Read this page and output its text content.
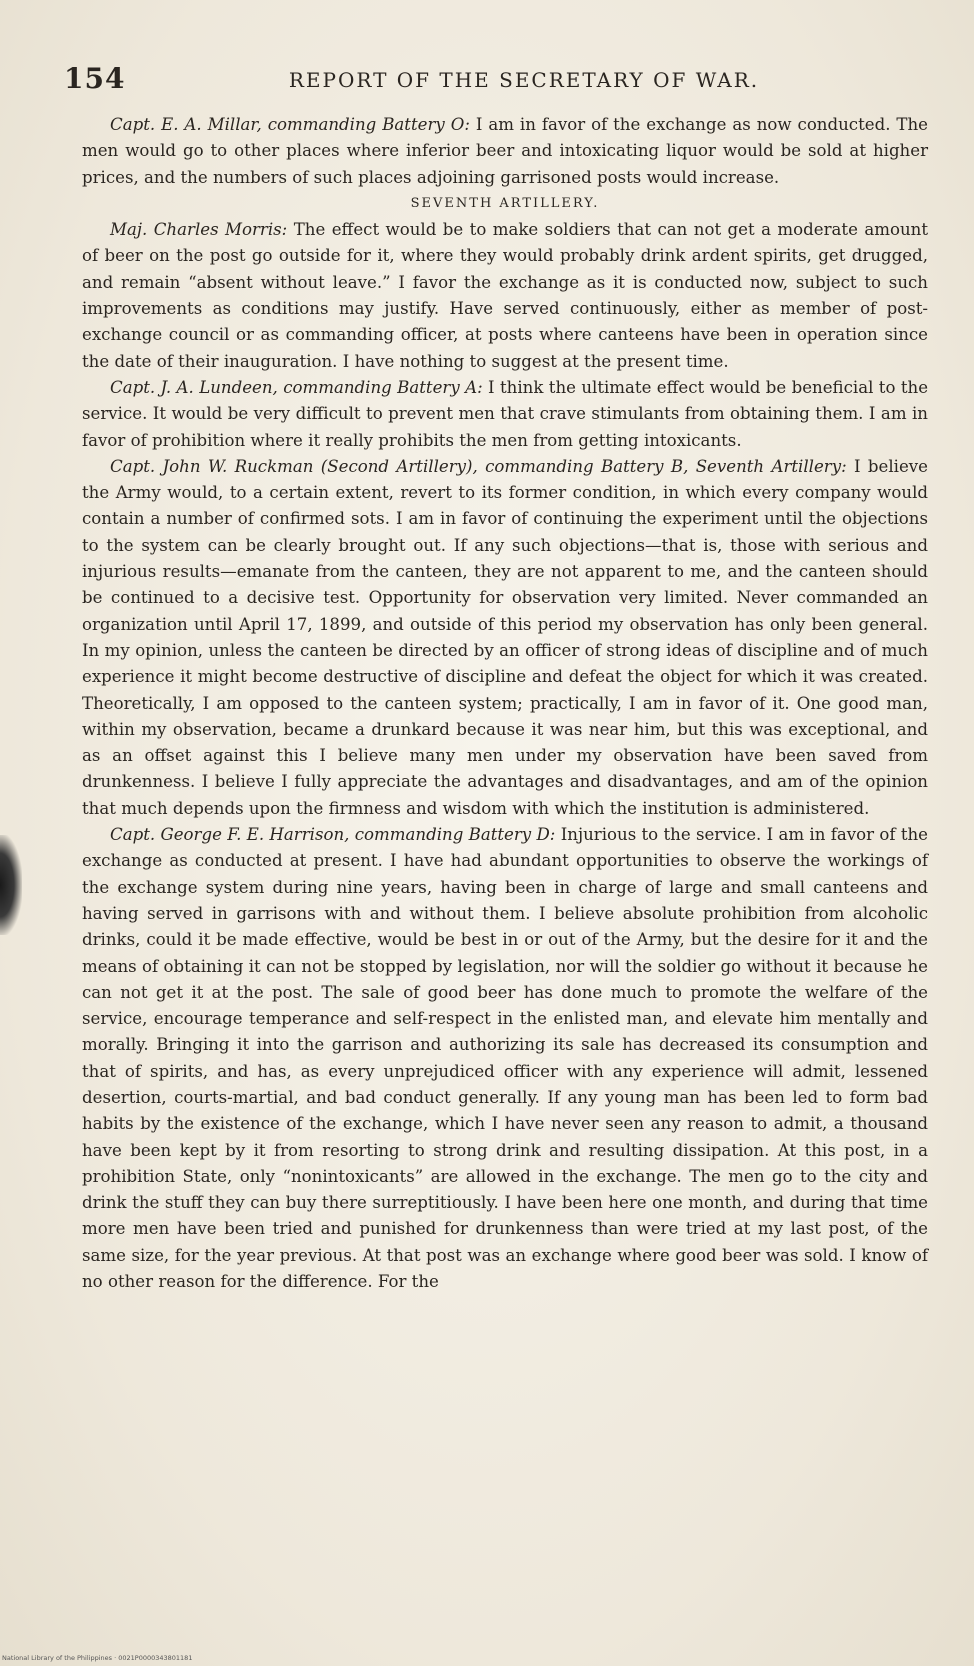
154	REPORT OF THE SECRETARY OF WAR.

Capt. E. A. Millar, commanding Battery O: I am in favor of the exchange as now conducted. The men would go to other places where inferior beer and intoxicating liquor would be sold at higher prices, and the numbers of such places adjoining garrisoned posts would increase.

SEVENTH ARTILLERY.

Maj. Charles Morris: The effect would be to make soldiers that can not get a moderate amount of beer on the post go outside for it, where they would probably drink ardent spirits, get drugged, and remain “absent without leave.” I favor the exchange as it is conducted now, subject to such improvements as conditions may justify. Have served continuously, either as member of post-exchange council or as commanding officer, at posts where canteens have been in operation since the date of their inauguration. I have nothing to suggest at the present time.

Capt. J. A. Lundeen, commanding Battery A: I think the ultimate effect would be beneficial to the service. It would be very difficult to prevent men that crave stimulants from obtaining them. I am in favor of prohibition where it really prohibits the men from getting intoxicants.

Capt. John W. Ruckman (Second Artillery), commanding Battery B, Seventh Artillery: I believe the Army would, to a certain extent, revert to its former condition, in which every company would contain a number of confirmed sots. I am in favor of continuing the experiment until the objections to the system can be clearly brought out. If any such objections—that is, those with serious and injurious results—emanate from the canteen, they are not apparent to me, and the canteen should be continued to a decisive test. Opportunity for observation very limited. Never commanded an organization until April 17, 1899, and outside of this period my observation has only been general. In my opinion, unless the canteen be directed by an officer of strong ideas of discipline and of much experience it might become destructive of discipline and defeat the object for which it was created. Theoretically, I am opposed to the canteen system; practically, I am in favor of it. One good man, within my observation, became a drunkard because it was near him, but this was exceptional, and as an offset against this I believe many men under my observation have been saved from drunkenness. I believe I fully appreciate the advantages and disadvantages, and am of the opinion that much depends upon the firmness and wisdom with which the institution is administered.

Capt. George F. E. Harrison, commanding Battery D: Injurious to the service. I am in favor of the exchange as conducted at present. I have had abundant opportunities to observe the workings of the exchange system during nine years, having been in charge of large and small canteens and having served in garrisons with and without them. I believe absolute prohibition from alcoholic drinks, could it be made effective, would be best in or out of the Army, but the desire for it and the means of obtaining it can not be stopped by legislation, nor will the soldier go without it because he can not get it at the post. The sale of good beer has done much to promote the welfare of the service, encourage temperance and self-respect in the enlisted man, and elevate him mentally and morally. Bringing it into the garrison and authorizing its sale has decreased its consumption and that of spirits, and has, as every unprejudiced officer with any experience will admit, lessened desertion, courts-martial, and bad conduct generally. If any young man has been led to form bad habits by the existence of the exchange, which I have never seen any reason to admit, a thousand have been kept by it from resorting to strong drink and resulting dissipation. At this post, in a prohibition State, only “nonintoxicants” are allowed in the exchange. The men go to the city and drink the stuff they can buy there surreptitiously. I have been here one month, and during that time more men have been tried and punished for drunkenness than were tried at my last post, of the same size, for the year previous. At that post was an exchange where good beer was sold. I know of no other reason for the difference. For the

National Library of the Philippines · 0021P0000343801181
